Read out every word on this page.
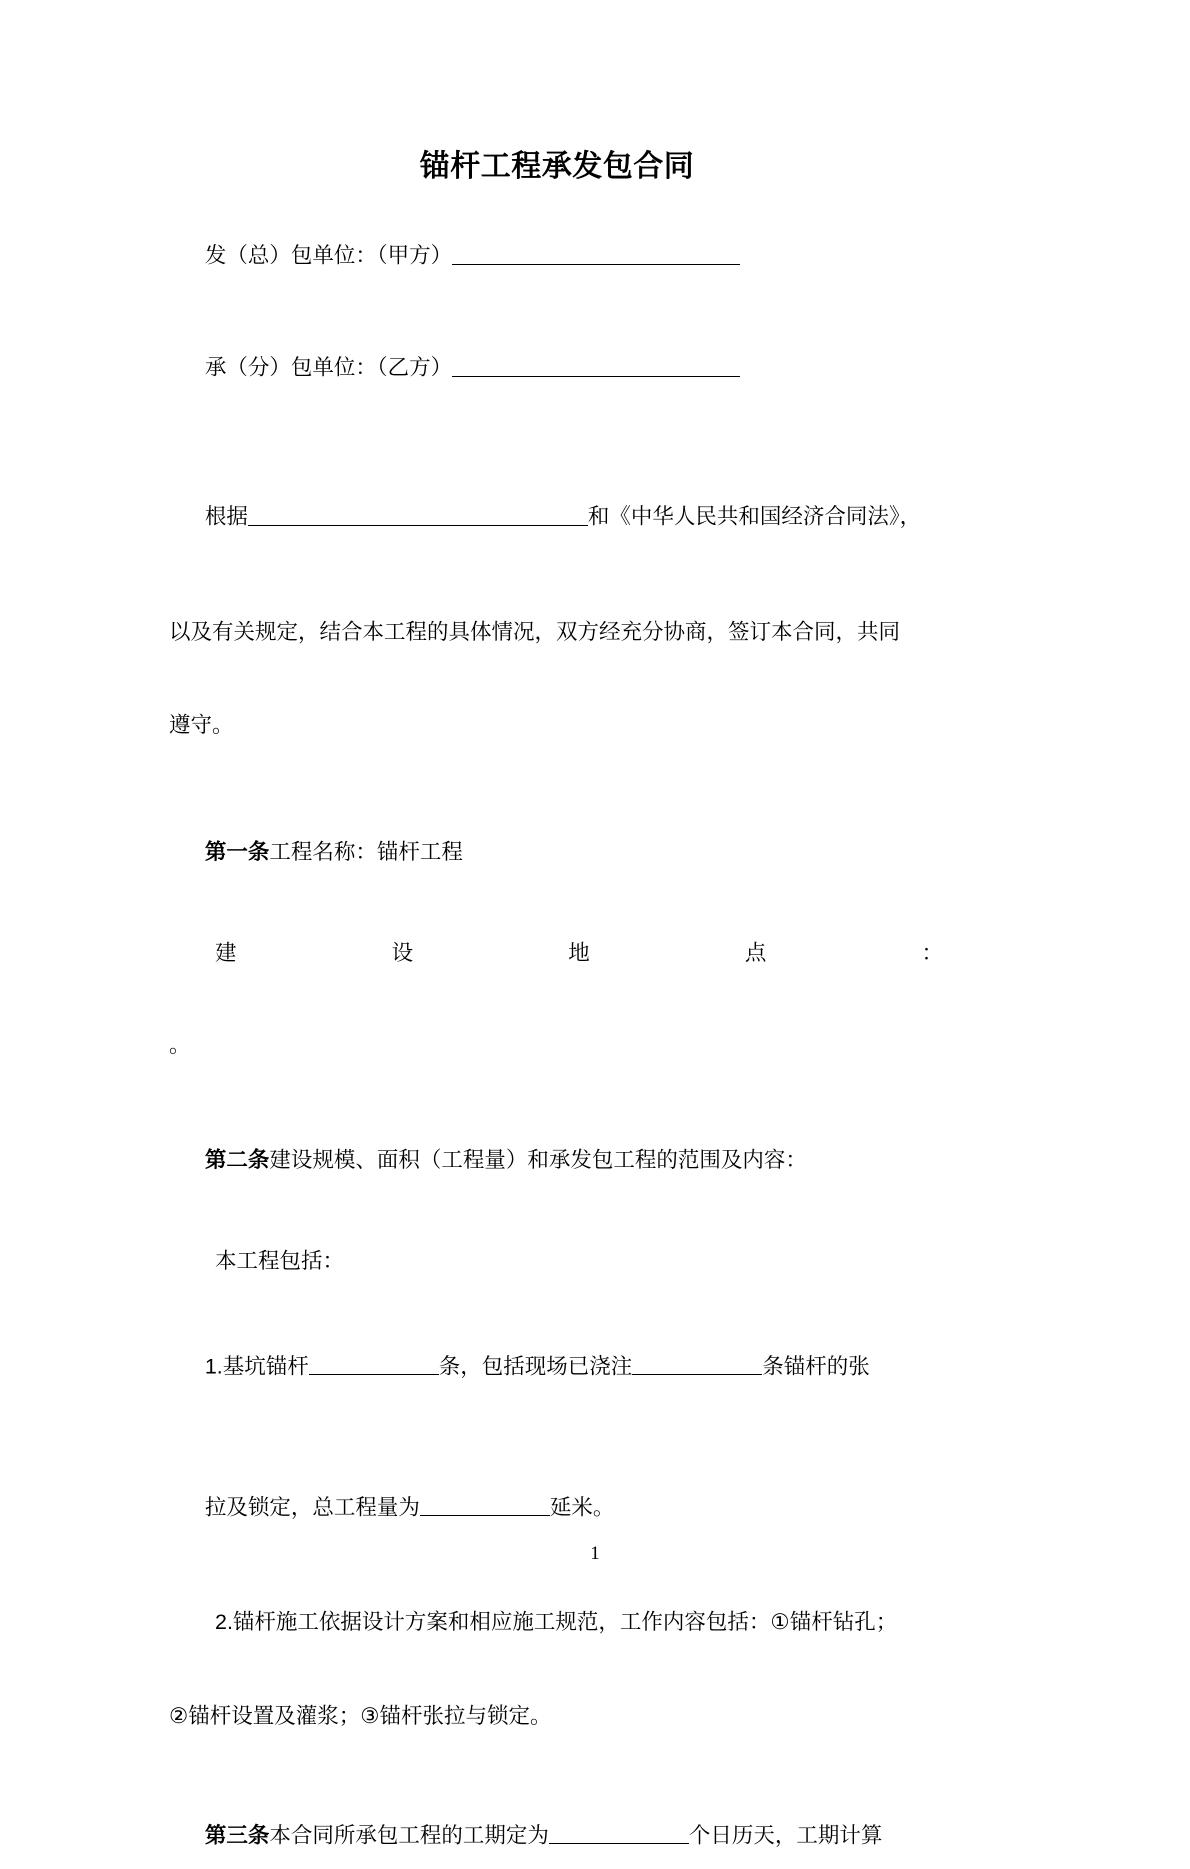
锚杆工程承发包合同

发（总）包单位：（甲方）

承（分）包单位：（乙方）

根据	和《中华人民共和国经济合同法》，

以及有关规定，结合本工程的具体情况，双方经充分协商，签订本合同，共同
遵守。

第一条工程名称：锚杆工程

建	设	地	点	：
。

第二条建设规模、面积（工程量）和承发包工程的范围及内容：

本工程包括：

1.基坑锚杆	条，包括现场已浇注	条锚杆的张

拉及锁定，总工程量为	延米。

2.锚杆施工依据设计方案和相应施工规范，工作内容包括：①锚杆钻孔；
②锚杆设置及灌浆；③锚杆张拉与锁定。

第三条本合同所承包工程的工期定为	个日历天，工期计算

1
